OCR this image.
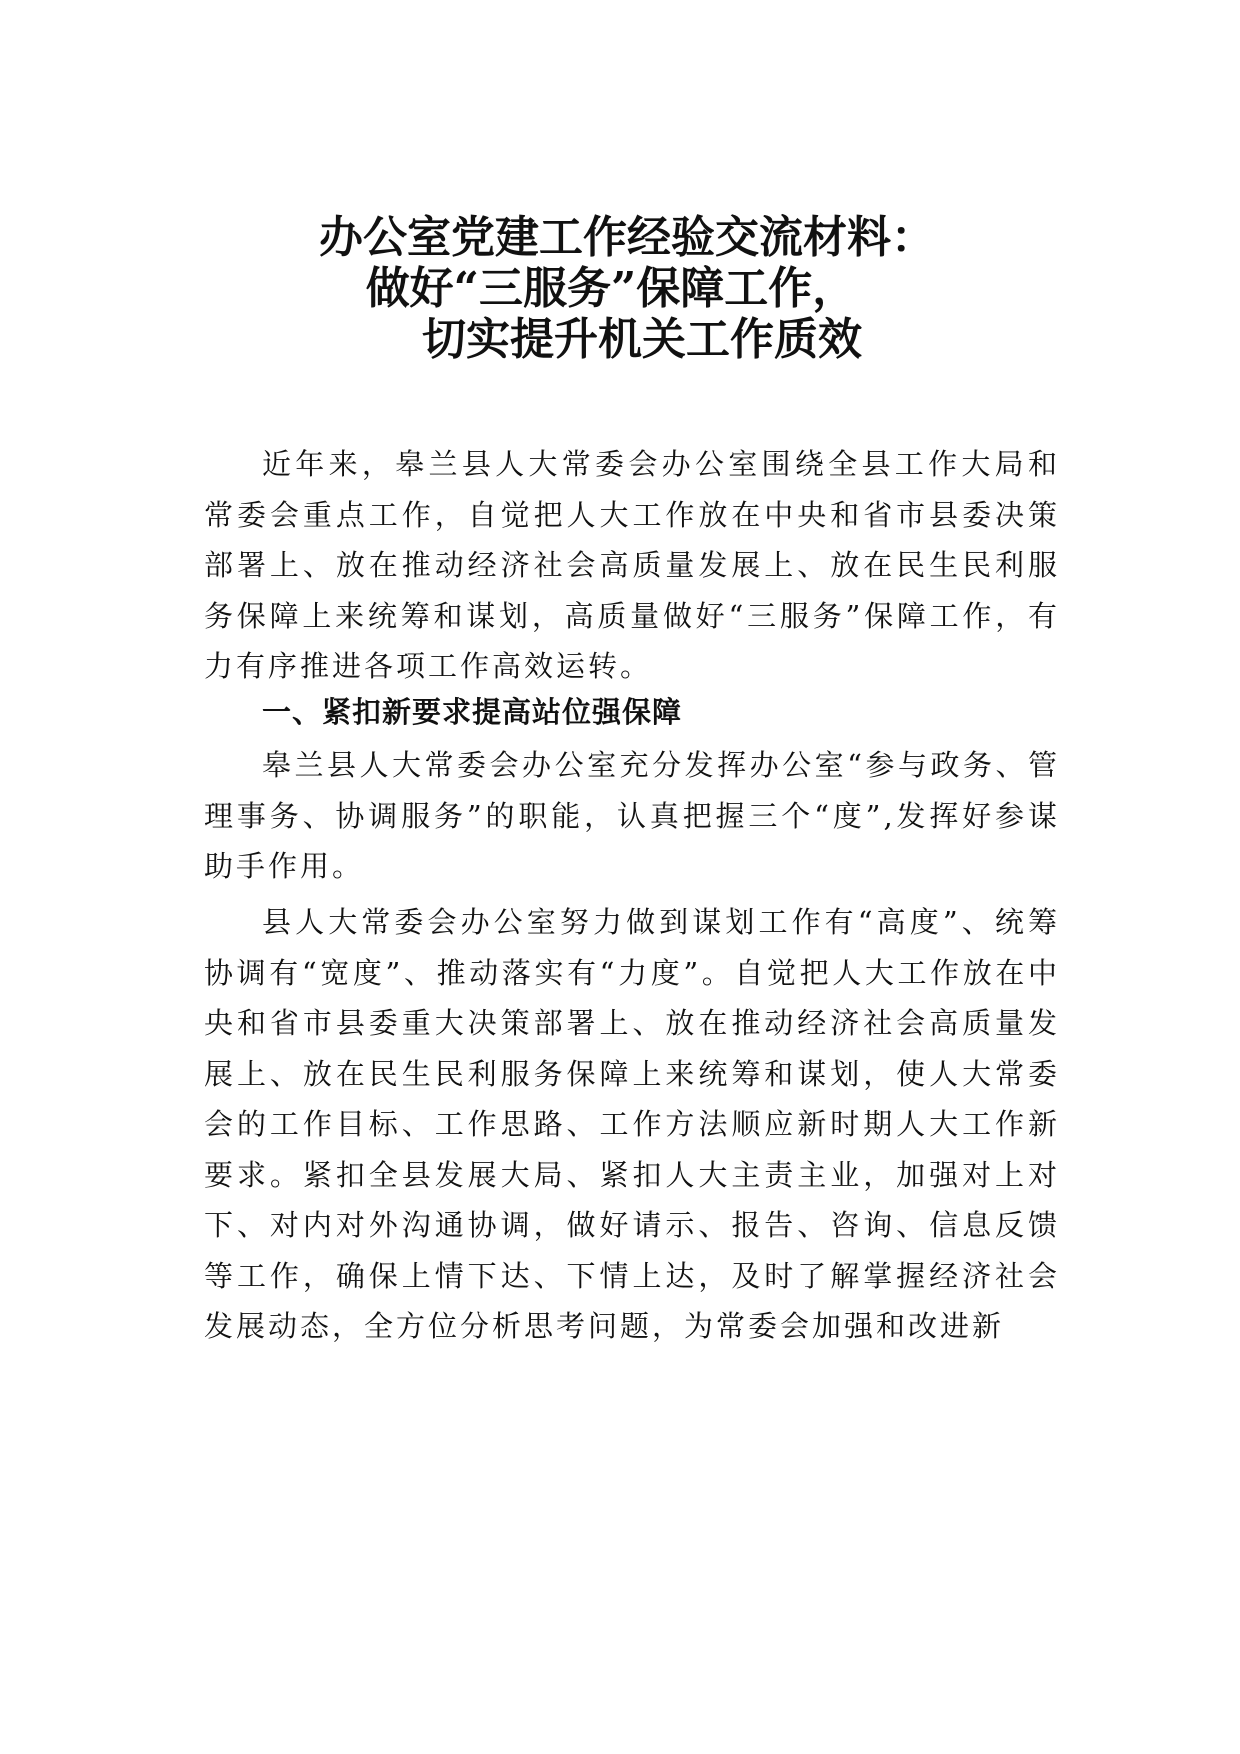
办公室党建工作经验交流材料：
做好“三服务”保障工作，
切实提升机关工作质效

近年来，皋兰县人大常委会办公室围绕全县工作大局和常委会重点工作，自觉把人大工作放在中央和省市县委决策部署上、放在推动经济社会高质量发展上、放在民生民利服务保障上来统筹和谋划，高质量做好“三服务”保障工作，有力有序推进各项工作高效运转。

一、紧扣新要求提高站位强保障

皋兰县人大常委会办公室充分发挥办公室“参与政务、管理事务、协调服务”的职能，认真把握三个“度”,发挥好参谋助手作用。

县人大常委会办公室努力做到谋划工作有“高度”、统筹协调有“宽度”、推动落实有“力度”。自觉把人大工作放在中央和省市县委重大决策部署上、放在推动经济社会高质量发展上、放在民生民利服务保障上来统筹和谋划，使人大常委会的工作目标、工作思路、工作方法顺应新时期人大工作新要求。紧扣全县发展大局、紧扣人大主责主业，加强对上对下、对内对外沟通协调，做好请示、报告、咨询、信息反馈等工作，确保上情下达、下情上达，及时了解掌握经济社会发展动态，全方位分析思考问题，为常委会加强和改进新
